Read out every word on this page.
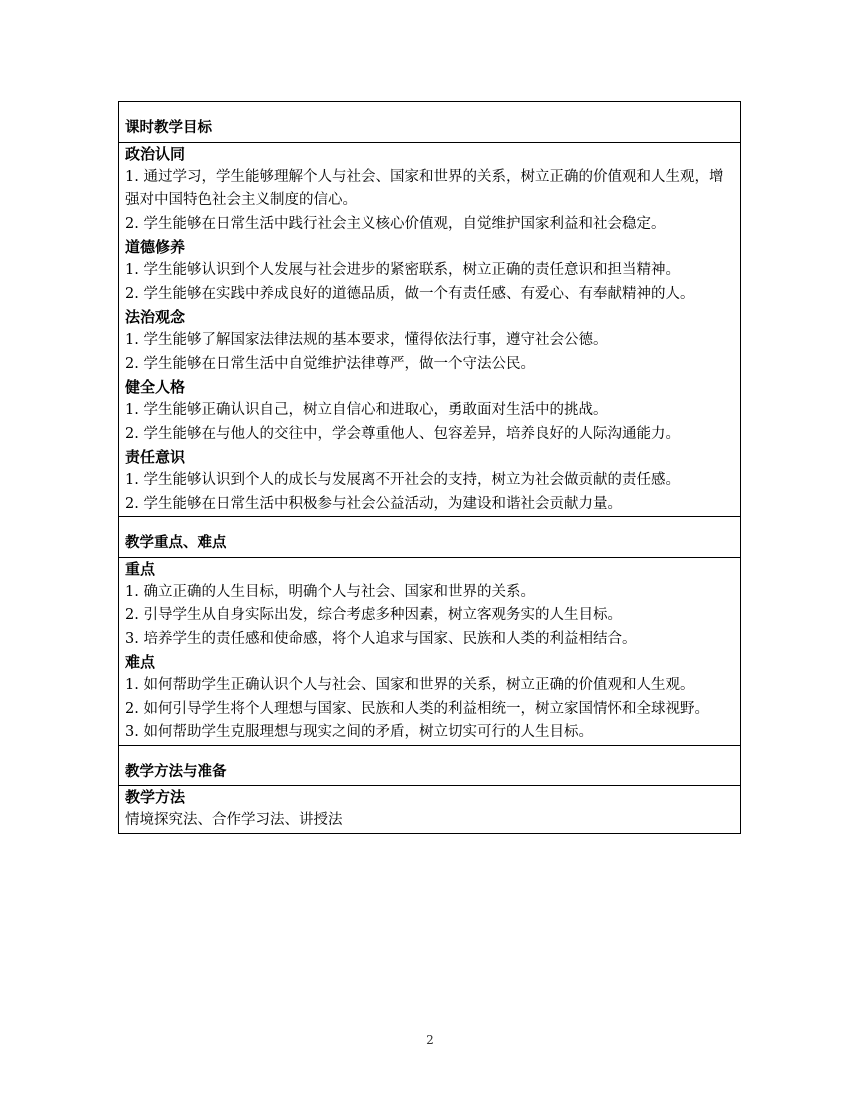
课时教学目标

政治认同
1. 通过学习，学生能够理解个人与社会、国家和世界的关系，树立正确的价值观和人生观，增强对中国特色社会主义制度的信心。
2. 学生能够在日常生活中践行社会主义核心价值观，自觉维护国家利益和社会稳定。
道德修养
1. 学生能够认识到个人发展与社会进步的紧密联系，树立正确的责任意识和担当精神。
2. 学生能够在实践中养成良好的道德品质，做一个有责任感、有爱心、有奉献精神的人。
法治观念
1. 学生能够了解国家法律法规的基本要求，懂得依法行事，遵守社会公德。
2. 学生能够在日常生活中自觉维护法律尊严，做一个守法公民。
健全人格
1. 学生能够正确认识自己，树立自信心和进取心，勇敢面对生活中的挑战。
2. 学生能够在与他人的交往中，学会尊重他人、包容差异，培养良好的人际沟通能力。
责任意识
1. 学生能够认识到个人的成长与发展离不开社会的支持，树立为社会做贡献的责任感。
2. 学生能够在日常生活中积极参与社会公益活动，为建设和谐社会贡献力量。

教学重点、难点

重点
1. 确立正确的人生目标，明确个人与社会、国家和世界的关系。
2. 引导学生从自身实际出发，综合考虑多种因素，树立客观务实的人生目标。
3. 培养学生的责任感和使命感，将个人追求与国家、民族和人类的利益相结合。
难点
1. 如何帮助学生正确认识个人与社会、国家和世界的关系，树立正确的价值观和人生观。
2. 如何引导学生将个人理想与国家、民族和人类的利益相统一，树立家国情怀和全球视野。
3. 如何帮助学生克服理想与现实之间的矛盾，树立切实可行的人生目标。

教学方法与准备

教学方法
情境探究法、合作学习法、讲授法
2
